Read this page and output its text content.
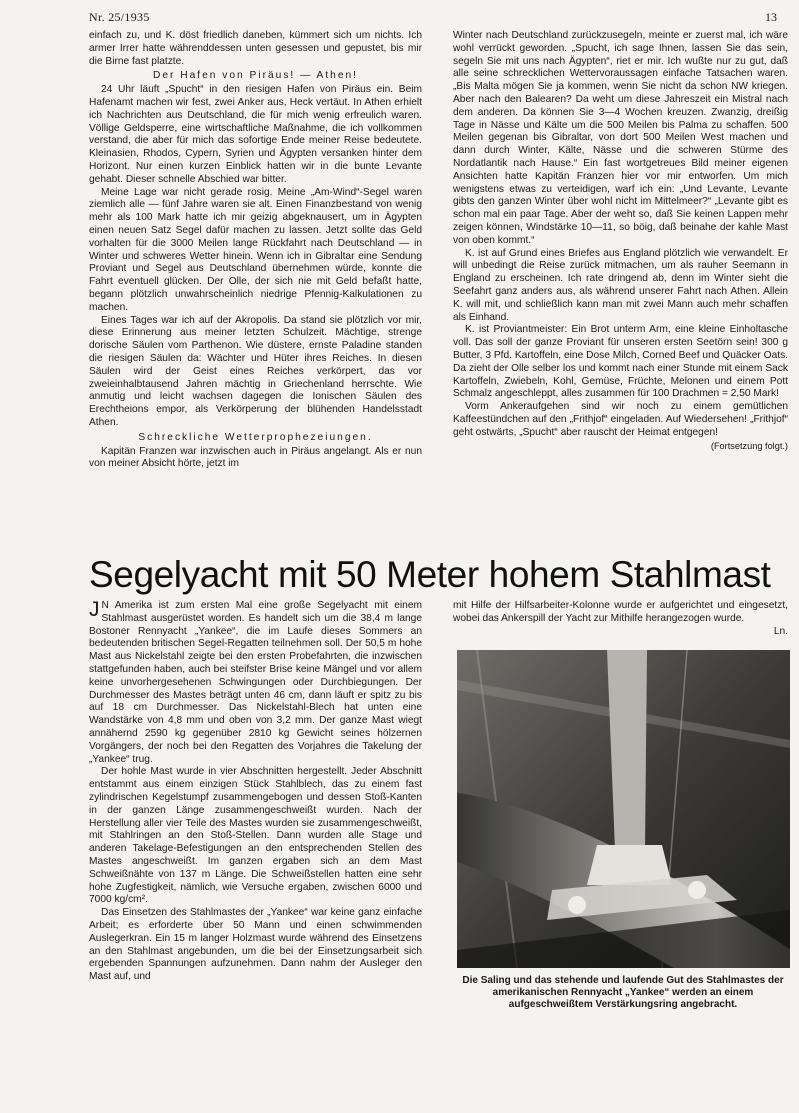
Nr. 25/1935	13

einfach zu, und K. döst friedlich daneben, kümmert sich um nichts. Ich armer Irrer hatte währenddessen unten gesessen und gepustet, bis mir die Birne fast platzte.

Der Hafen von Piräus! — Athen!

24 Uhr läuft „Spucht“ in den riesigen Hafen von Piräus ein. Beim Hafenamt machen wir fest, zwei Anker aus, Heck vertäut. In Athen erhielt ich Nachrichten aus Deutschland, die für mich wenig erfreulich waren. Völlige Geldsperre, eine wirtschaftliche Maßnahme, die ich vollkommen verstand, die aber für mich das sofortige Ende meiner Reise bedeutete. Kleinasien, Rhodos, Cypern, Syrien und Ägypten versanken hinter dem Horizont. Nur einen kurzen Einblick hatten wir in die bunte Levante gehabt. Dieser schnelle Abschied war bitter.

Meine Lage war nicht gerade rosig. Meine „Am-Wind“-Segel waren ziemlich alle — fünf Jahre waren sie alt. Einen Finanzbestand von wenig mehr als 100 Mark hatte ich mir geizig abgeknausert, um in Ägypten einen neuen Satz Segel dafür machen zu lassen. Jetzt sollte das Geld vorhalten für die 3000 Meilen lange Rückfahrt nach Deutschland — in Winter und schweres Wetter hinein. Wenn ich in Gibraltar eine Sendung Proviant und Segel aus Deutschland übernehmen würde, konnte die Fahrt eventuell glücken. Der Olle, der sich nie mit Geld befaßt hatte, begann plötzlich unwahrscheinlich niedrige Pfennig-Kalkulationen zu machen.

Eines Tages war ich auf der Akropolis. Da stand sie plötzlich vor mir, diese Erinnerung aus meiner letzten Schulzeit. Mächtige, strenge dorische Säulen vom Parthenon. Wie düstere, ernste Paladine standen die riesigen Säulen da: Wächter und Hüter ihres Reiches. In diesen Säulen wird der Geist eines Reiches verkörpert, das vor zweieinhalbtausend Jahren mächtig in Griechenland herrschte. Wie anmutig und leicht wachsen dagegen die Ionischen Säulen des Erechtheions empor, als Verkörperung der blühenden Handelsstadt Athen.

Schreckliche Wetterprophezeiungen.

Kapitän Franzen war inzwischen auch in Piräus angelangt. Als er nun von meiner Absicht hörte, jetzt im

Winter nach Deutschland zurückzusegeln, meinte er zuerst mal, ich wäre wohl verrückt geworden. „Spucht, ich sage Ihnen, lassen Sie das sein, segeln Sie mit uns nach Ägypten“, riet er mir. Ich wußte nur zu gut, daß alle seine schrecklichen Wettervoraussagen einfache Tatsachen waren. „Bis Malta mögen Sie ja kommen, wenn Sie nicht da schon NW kriegen. Aber nach den Balearen? Da weht um diese Jahreszeit ein Mistral nach dem anderen. Da können Sie 3—4 Wochen kreuzen. Zwanzig, dreißig Tage in Nässe und Kälte um die 500 Meilen bis Palma zu schaffen. 500 Meilen gegenan bis Gibraltar, von dort 500 Meilen West machen und dann durch Winter, Kälte, Nässe und die schweren Stürme des Nordatlantik nach Hause.“ Ein fast wortgetreues Bild meiner eigenen Ansichten hatte Kapitän Franzen hier vor mir entworfen. Um mich wenigstens etwas zu verteidigen, warf ich ein: „Und Levante, Levante gibts den ganzen Winter über wohl nicht im Mittelmeer?“ „Levante gibt es schon mal ein paar Tage. Aber der weht so, daß Sie keinen Lappen mehr zeigen können, Windstärke 10—11, so böig, daß beinahe der kahle Mast von oben kommt.“

K. ist auf Grund eines Briefes aus England plötzlich wie verwandelt. Er will unbedingt die Reise zurück mitmachen, um als rauher Seemann in England zu erscheinen. Ich rate dringend ab, denn im Winter sieht die Seefahrt ganz anders aus, als während unserer Fahrt nach Athen. Allein K. will mit, und schließlich kann man mit zwei Mann auch mehr schaffen als Einhand.

K. ist Proviantmeister: Ein Brot unterm Arm, eine kleine Einholtasche voll. Das soll der ganze Proviant für unseren ersten Seetörn sein! 300 g Butter, 3 Pfd. Kartoffeln, eine Dose Milch, Corned Beef und Quäcker Oats. Da zieht der Olle selber los und kommt nach einer Stunde mit einem Sack Kartoffeln, Zwiebeln, Kohl, Gemüse, Früchte, Melonen und einem Pott Schmalz angeschleppt, alles zusammen für 100 Drachmen = 2,50 Mark!

Vorm Ankeraufgehen sind wir noch zu einem gemütlichen Kaffeestündchen auf den „Frithjof“ eingeladen. Auf Wiedersehen! „Frithjof“ geht ostwärts, „Spucht“ aber rauscht der Heimat entgegen!

(Fortsetzung folgt.)

Segelyacht mit 50 Meter hohem Stahlmast

J N Amerika ist zum ersten Mal eine große Segelyacht mit einem Stahlmast ausgerüstet worden. Es handelt sich um die 38,4 m lange Bostoner Rennyacht „Yankee“, die im Laufe dieses Sommers an bedeutenden britischen Segel-Regatten teilnehmen soll. Der 50,5 m hohe Mast aus Nickelstahl zeigte bei den ersten Probefahrten, die inzwischen stattgefunden haben, auch bei steifster Brise keine Mängel und vor allem keine unvorhergesehenen Schwingungen oder Durchbiegungen. Der Durchmesser des Mastes beträgt unten 46 cm, dann läuft er spitz zu bis auf 18 cm Durchmesser. Das Nickelstahl-Blech hat unten eine Wandstärke von 4,8 mm und oben von 3,2 mm. Der ganze Mast wiegt annähernd 2590 kg gegenüber 2810 kg Gewicht seines hölzernen Vorgängers, der noch bei den Regatten des Vorjahres die Takelung der „Yankee“ trug.

Der hohle Mast wurde in vier Abschnitten hergestellt. Jeder Abschnitt entstammt aus einem einzigen Stück Stahlblech, das zu einem fast zylindrischen Kegelstumpf zusammengebogen und dessen Stoß-Kanten in der ganzen Länge zusammengeschweißt wurden. Nach der Herstellung aller vier Teile des Mastes wurden sie zusammengeschweißt, mit Stahlringen an den Stoß-Stellen. Dann wurden alle Stage und anderen Takelage-Befestigungen an den entsprechenden Stellen des Mastes angeschweißt. Im ganzen ergaben sich an dem Mast Schweißnähte von 137 m Länge. Die Schweißstellen hatten eine sehr hohe Zugfestigkeit, nämlich, wie Versuche ergaben, zwischen 6000 und 7000 kg/cm².

Das Einsetzen des Stahlmastes der „Yankee“ war keine ganz einfache Arbeit; es erforderte über 50 Mann und einen schwimmenden Auslegerkran. Ein 15 m langer Holzmast wurde während des Einsetzens an den Stahlmast angebunden, um die bei der Einsetzungsarbeit sich ergebenden Spannungen aufzunehmen. Dann nahm der Ausleger den Mast auf, und

mit Hilfe der Hilfsarbeiter-Kolonne wurde er aufgerichtet und eingesetzt, wobei das Ankerspill der Yacht zur Mithilfe herangezogen wurde.
Ln.

Die Saling und das stehende und laufende Gut des Stahlmastes der amerikanischen Rennyacht „Yankee“ werden an einem aufgeschweißtem Verstärkungsring angebracht.
